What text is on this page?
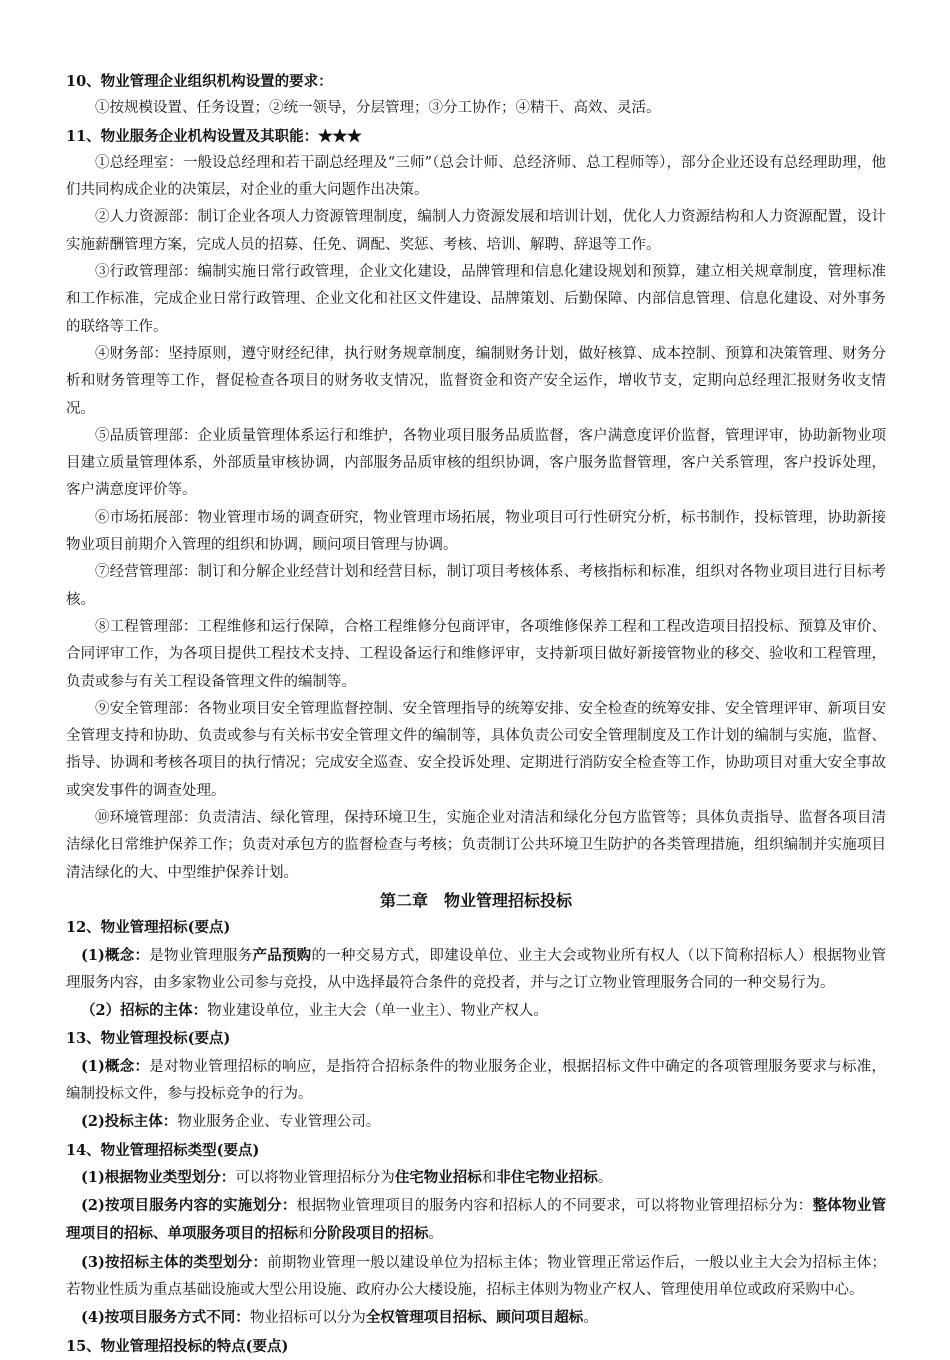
10、物业管理企业组织机构设置的要求：
①按规模设置、任务设置；②统一领导，分层管理；③分工协作；④精干、高效、灵活。
11、物业服务企业机构设置及其职能：★★★
①总经理室：一般设总经理和若干副总经理及“三师”（总会计师、总经济师、总工程师等），部分企业还设有总经理助理，他们共同构成企业的决策层，对企业的重大问题作出决策。
②人力资源部：制订企业各项人力资源管理制度，编制人力资源发展和培训计划，优化人力资源结构和人力资源配置，设计实施薪酬管理方案，完成人员的招募、任免、调配、奖惩、考核、培训、解聘、辞退等工作。
③行政管理部：编制实施日常行政管理，企业文化建设，品牌管理和信息化建设规划和预算，建立相关规章制度，管理标准和工作标准，完成企业日常行政管理、企业文化和社区文件建设、品牌策划、后勤保障、内部信息管理、信息化建设、对外事务的联络等工作。
④财务部：坚持原则，遵守财经纪律，执行财务规章制度，编制财务计划，做好核算、成本控制、预算和决策管理、财务分析和财务管理等工作，督促检查各项目的财务收支情况，监督资金和资产安全运作，增收节支，定期向总经理汇报财务收支情况。
⑤品质管理部：企业质量管理体系运行和维护，各物业项目服务品质监督，客户满意度评价监督，管理评审，协助新物业项目建立质量管理体系，外部质量审核协调，内部服务品质审核的组织协调，客户服务监督管理，客户关系管理，客户投诉处理，客户满意度评价等。
⑥市场拓展部：物业管理市场的调查研究，物业管理市场拓展，物业项目可行性研究分析，标书制作，投标管理，协助新接物业项目前期介入管理的组织和协调，顾问项目管理与协调。
⑦经营管理部：制订和分解企业经营计划和经营目标，制订项目考核体系、考核指标和标准，组织对各物业项目进行目标考核。
⑧工程管理部：工程维修和运行保障，合格工程维修分包商评审，各项维修保养工程和工程改造项目招投标、预算及审价、合同评审工作，为各项目提供工程技术支持、工程设备运行和维修评审，支持新项目做好新接管物业的移交、验收和工程管理，负责或参与有关工程设备管理文件的编制等。
⑨安全管理部：各物业项目安全管理监督控制、安全管理指导的统筹安排、安全检查的统筹安排、安全管理评审、新项目安全管理支持和协助、负责或参与有关标书安全管理文件的编制等，具体负责公司安全管理制度及工作计划的编制与实施，监督、指导、协调和考核各项目的执行情况；完成安全巡查、安全投诉处理、定期进行消防安全检查等工作，协助项目对重大安全事故或突发事件的调查处理。
⑩环境管理部：负责清洁、绿化管理，保持环境卫生，实施企业对清洁和绿化分包方监管等；具体负责指导、监督各项目清洁绿化日常维护保养工作；负责对承包方的监督检查与考核；负责制订公共环境卫生防护的各类管理措施，组织编制并实施项目清洁绿化的大、中型维护保养计划。
第二章　物业管理招标投标
12、物业管理招标(要点)
(1)概念：是物业管理服务产品预购的一种交易方式，即建设单位、业主大会或物业所有权人（以下简称招标人）根据物业管理服务内容，由多家物业公司参与竞投，从中选择最符合条件的竞投者，并与之订立物业管理服务合同的一种交易行为。
（2）招标的主体：物业建设单位，业主大会（单一业主）、物业产权人。
13、物业管理投标(要点)
(1)概念：是对物业管理招标的响应，是指符合招标条件的物业服务企业，根据招标文件中确定的各项管理服务要求与标准，编制投标文件，参与投标竞争的行为。
(2)投标主体：物业服务企业、专业管理公司。
14、物业管理招标类型(要点)
(1)根据物业类型划分：可以将物业管理招标分为住宅物业招标和非住宅物业招标。
(2)按项目服务内容的实施划分：根据物业管理项目的服务内容和招标人的不同要求，可以将物业管理招标分为：整体物业管理项目的招标、单项服务项目的招标和分阶段项目的招标。
(3)按招标主体的类型划分：前期物业管理一般以建设单位为招标主体；物业管理正常运作后，一般以业主大会为招标主体；若物业性质为重点基础设施或大型公用设施、政府办公大楼设施，招标主体则为物业产权人、管理使用单位或政府采购中心。
(4)按项目服务方式不同：物业招标可以分为全权管理项目招标、顾问项目超标。
15、物业管理招投标的特点(要点)
